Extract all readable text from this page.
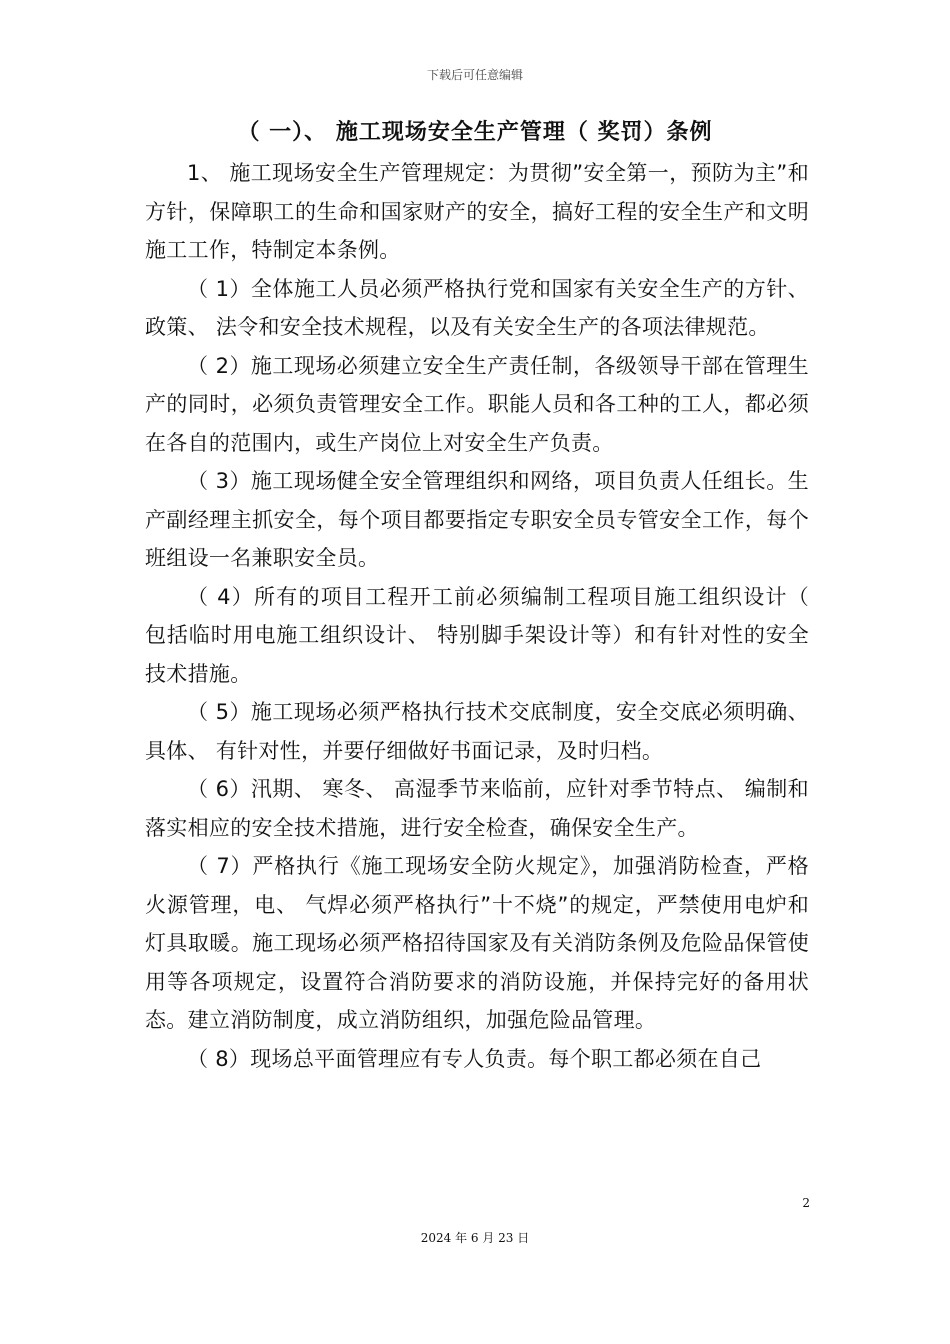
下载后可任意编辑
（ 一）、 施工现场安全生产管理（ 奖罚）条例

1、 施工现场安全生产管理规定：为贯彻”安全第一，预防为主”和方针，保障职工的生命和国家财产的安全，搞好工程的安全生产和文明施工工作，特制定本条例。

（ 1）全体施工人员必须严格执行党和国家有关安全生产的方针、 政策、 法令和安全技术规程，以及有关安全生产的各项法律规范。

（ 2）施工现场必须建立安全生产责任制，各级领导干部在管理生产的同时，必须负责管理安全工作。职能人员和各工种的工人，都必须在各自的范围内，或生产岗位上对安全生产负责。

（ 3）施工现场健全安全管理组织和网络，项目负责人任组长。生产副经理主抓安全，每个项目都要指定专职安全员专管安全工作，每个班组设一名兼职安全员。

（ 4）所有的项目工程开工前必须编制工程项目施工组织设计（ 包括临时用电施工组织设计、 特别脚手架设计等）和有针对性的安全技术措施。

（ 5）施工现场必须严格执行技术交底制度，安全交底必须明确、 具体、 有针对性，并要仔细做好书面记录，及时归档。

（ 6）汛期、 寒冬、 高湿季节来临前，应针对季节特点、 编制和落实相应的安全技术措施，进行安全检查，确保安全生产。

（ 7）严格执行《施工现场安全防火规定》，加强消防检查，严格火源管理，电、 气焊必须严格执行”十不烧”的规定，严禁使用电炉和灯具取暖。施工现场必须严格招待国家及有关消防条例及危险品保管使用等各项规定，设置符合消防要求的消防设施，并保持完好的备用状态。建立消防制度，成立消防组织，加强危险品管理。

（ 8）现场总平面管理应有专人负责。每个职工都必须在自己

2
2024 年 6 月 23 日
